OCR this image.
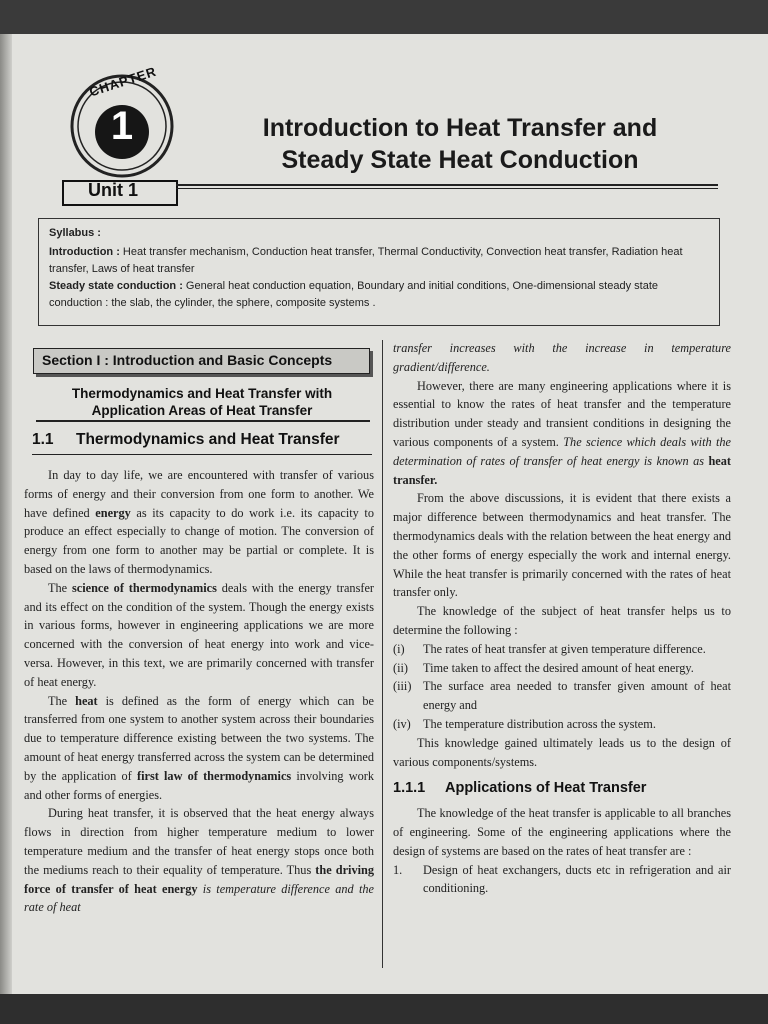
CHAPTER
1
Unit 1
Introduction to Heat Transfer and
Steady State Heat Conduction
Syllabus :
Introduction : Heat transfer mechanism, Conduction heat transfer, Thermal Conductivity, Convection heat transfer, Radiation heat transfer, Laws of heat transfer
Steady state conduction : General heat conduction equation, Boundary and initial conditions, One-dimensional steady state conduction : the slab, the cylinder, the sphere, composite systems .
Section I : Introduction and Basic Concepts
Thermodynamics and Heat Transfer with
Application Areas of Heat Transfer
1.1 Thermodynamics and Heat Transfer

In day to day life, we are encountered with transfer of various forms of energy and their conversion from one form to another. We have defined energy as its capacity to do work i.e. its capacity to produce an effect especially to change of motion. The conversion of energy from one form to another may be partial or complete. It is based on the laws of thermodynamics.

The science of thermodynamics deals with the energy transfer and its effect on the condition of the system. Though the energy exists in various forms, however in engineering applications we are more concerned with the conversion of heat energy into work and vice-versa. However, in this text, we are primarily concerned with transfer of heat energy.

The heat is defined as the form of energy which can be transferred from one system to another system across their boundaries due to temperature difference existing between the two systems. The amount of heat energy transferred across the system can be determined by the application of first law of thermodynamics involving work and other forms of energies.

During heat transfer, it is observed that the heat energy always flows in direction from higher temperature medium to lower temperature medium and the transfer of heat energy stops once both the mediums reach to their equality of temperature. Thus the driving force of transfer of heat energy is temperature difference and the rate of heat

transfer increases with the increase in temperature gradient/difference.

However, there are many engineering applications where it is essential to know the rates of heat transfer and the temperature distribution under steady and transient conditions in designing the various components of a system. The science which deals with the determination of rates of transfer of heat energy is known as heat transfer.

From the above discussions, it is evident that there exists a major difference between thermodynamics and heat transfer. The thermodynamics deals with the relation between the heat energy and the other forms of energy especially the work and internal energy. While the heat transfer is primarily concerned with the rates of heat transfer only.

The knowledge of the subject of heat transfer helps us to determine the following :

(i)	The rates of heat transfer at given temperature difference.
(ii)	Time taken to affect the desired amount of heat energy.
(iii) The surface area needed to transfer given amount of heat energy and
(iv) The temperature distribution across the system.

This knowledge gained ultimately leads us to the design of various components/systems.

1.1.1 Applications of Heat Transfer

The knowledge of the heat transfer is applicable to all branches of engineering. Some of the engineering applications where the design of systems are based on the rates of heat transfer are :

1.	Design of heat exchangers, ducts etc in refrigeration and air conditioning.
